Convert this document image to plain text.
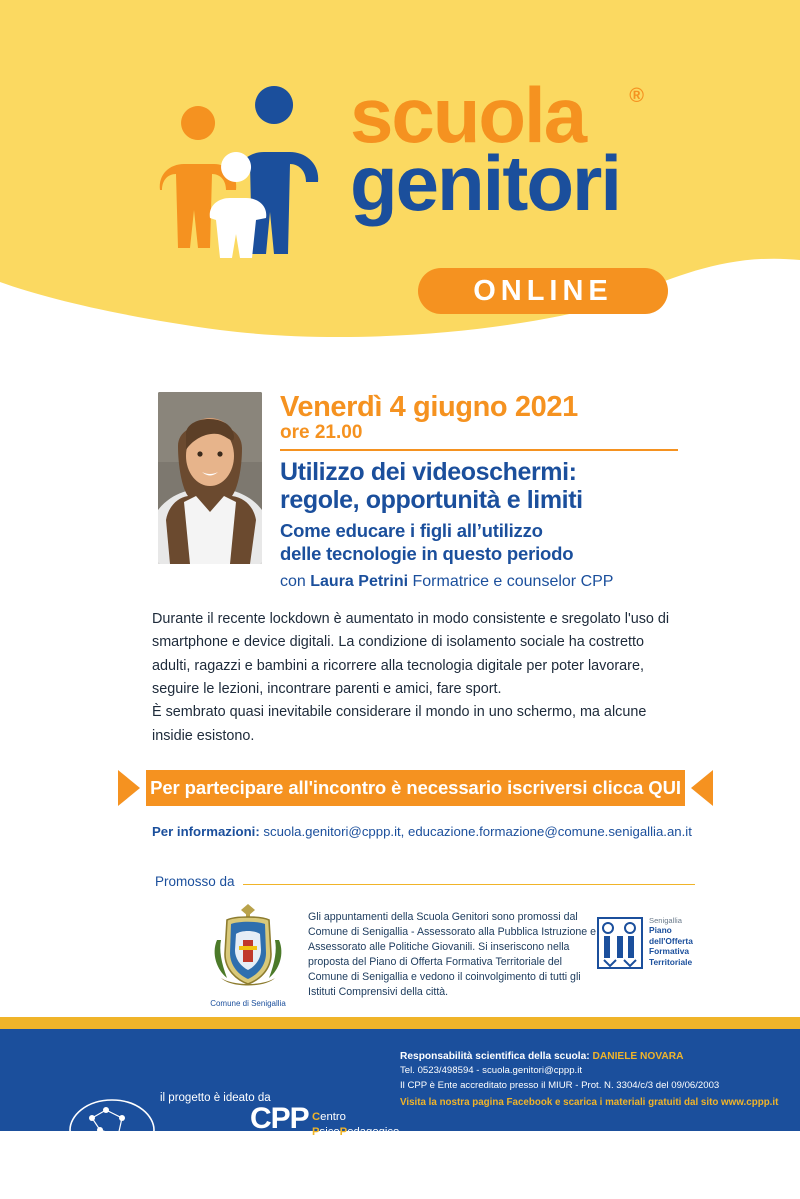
scuola ®
genitori
ONLINE
Venerdì 4 giugno 2021
ore 21.00
Utilizzo dei videoschermi:
regole, opportunità e limiti
Come educare i figli all’utilizzo
delle tecnologie in questo periodo
con Laura Petrini Formatrice e counselor CPP
Durante il recente lockdown è aumentato in modo consistente e sregolato l'uso di smartphone e device digitali. La condizione di isolamento sociale ha costretto adulti, ragazzi e bambini a ricorrere alla tecnologia digitale per poter lavorare, seguire le lezioni, incontrare parenti e amici, fare sport.
È sembrato quasi inevitabile considerare il mondo in uno schermo, ma alcune insidie esistono.
Per partecipare all'incontro è necessario iscriversi clicca QUI
Per informazioni: scuola.genitori@cppp.it, educazione.formazione@comune.senigallia.an.it
Promosso da
Comune di Senigallia
Gli appuntamenti della Scuola Genitori sono promossi dal Comune di Senigallia - Assessorato alla Pubblica Istruzione e Assessorato alle Politiche Giovanili. Si inseriscono nella proposta del Piano di Offerta Formativa Territoriale del Comune di Senigallia e vedono il coinvolgimento di tutti gli Istituti Comprensivi della città.
Senigallia
Piano
dell'Offerta
Formativa
Territoriale
il progetto è ideato da
CPP Centro PsicoPedagogico
per l’educazione e
la gestione dei conflitti
Responsabilità scientifica della scuola: DANIELE NOVARA
Tel. 0523/498594 - scuola.genitori@cppp.it
Il CPP è Ente accreditato presso il MIUR - Prot. N. 3304/c/3 del 09/06/2003
Visita la nostra pagina Facebook e scarica i materiali gratuiti dal sito www.cppp.it
